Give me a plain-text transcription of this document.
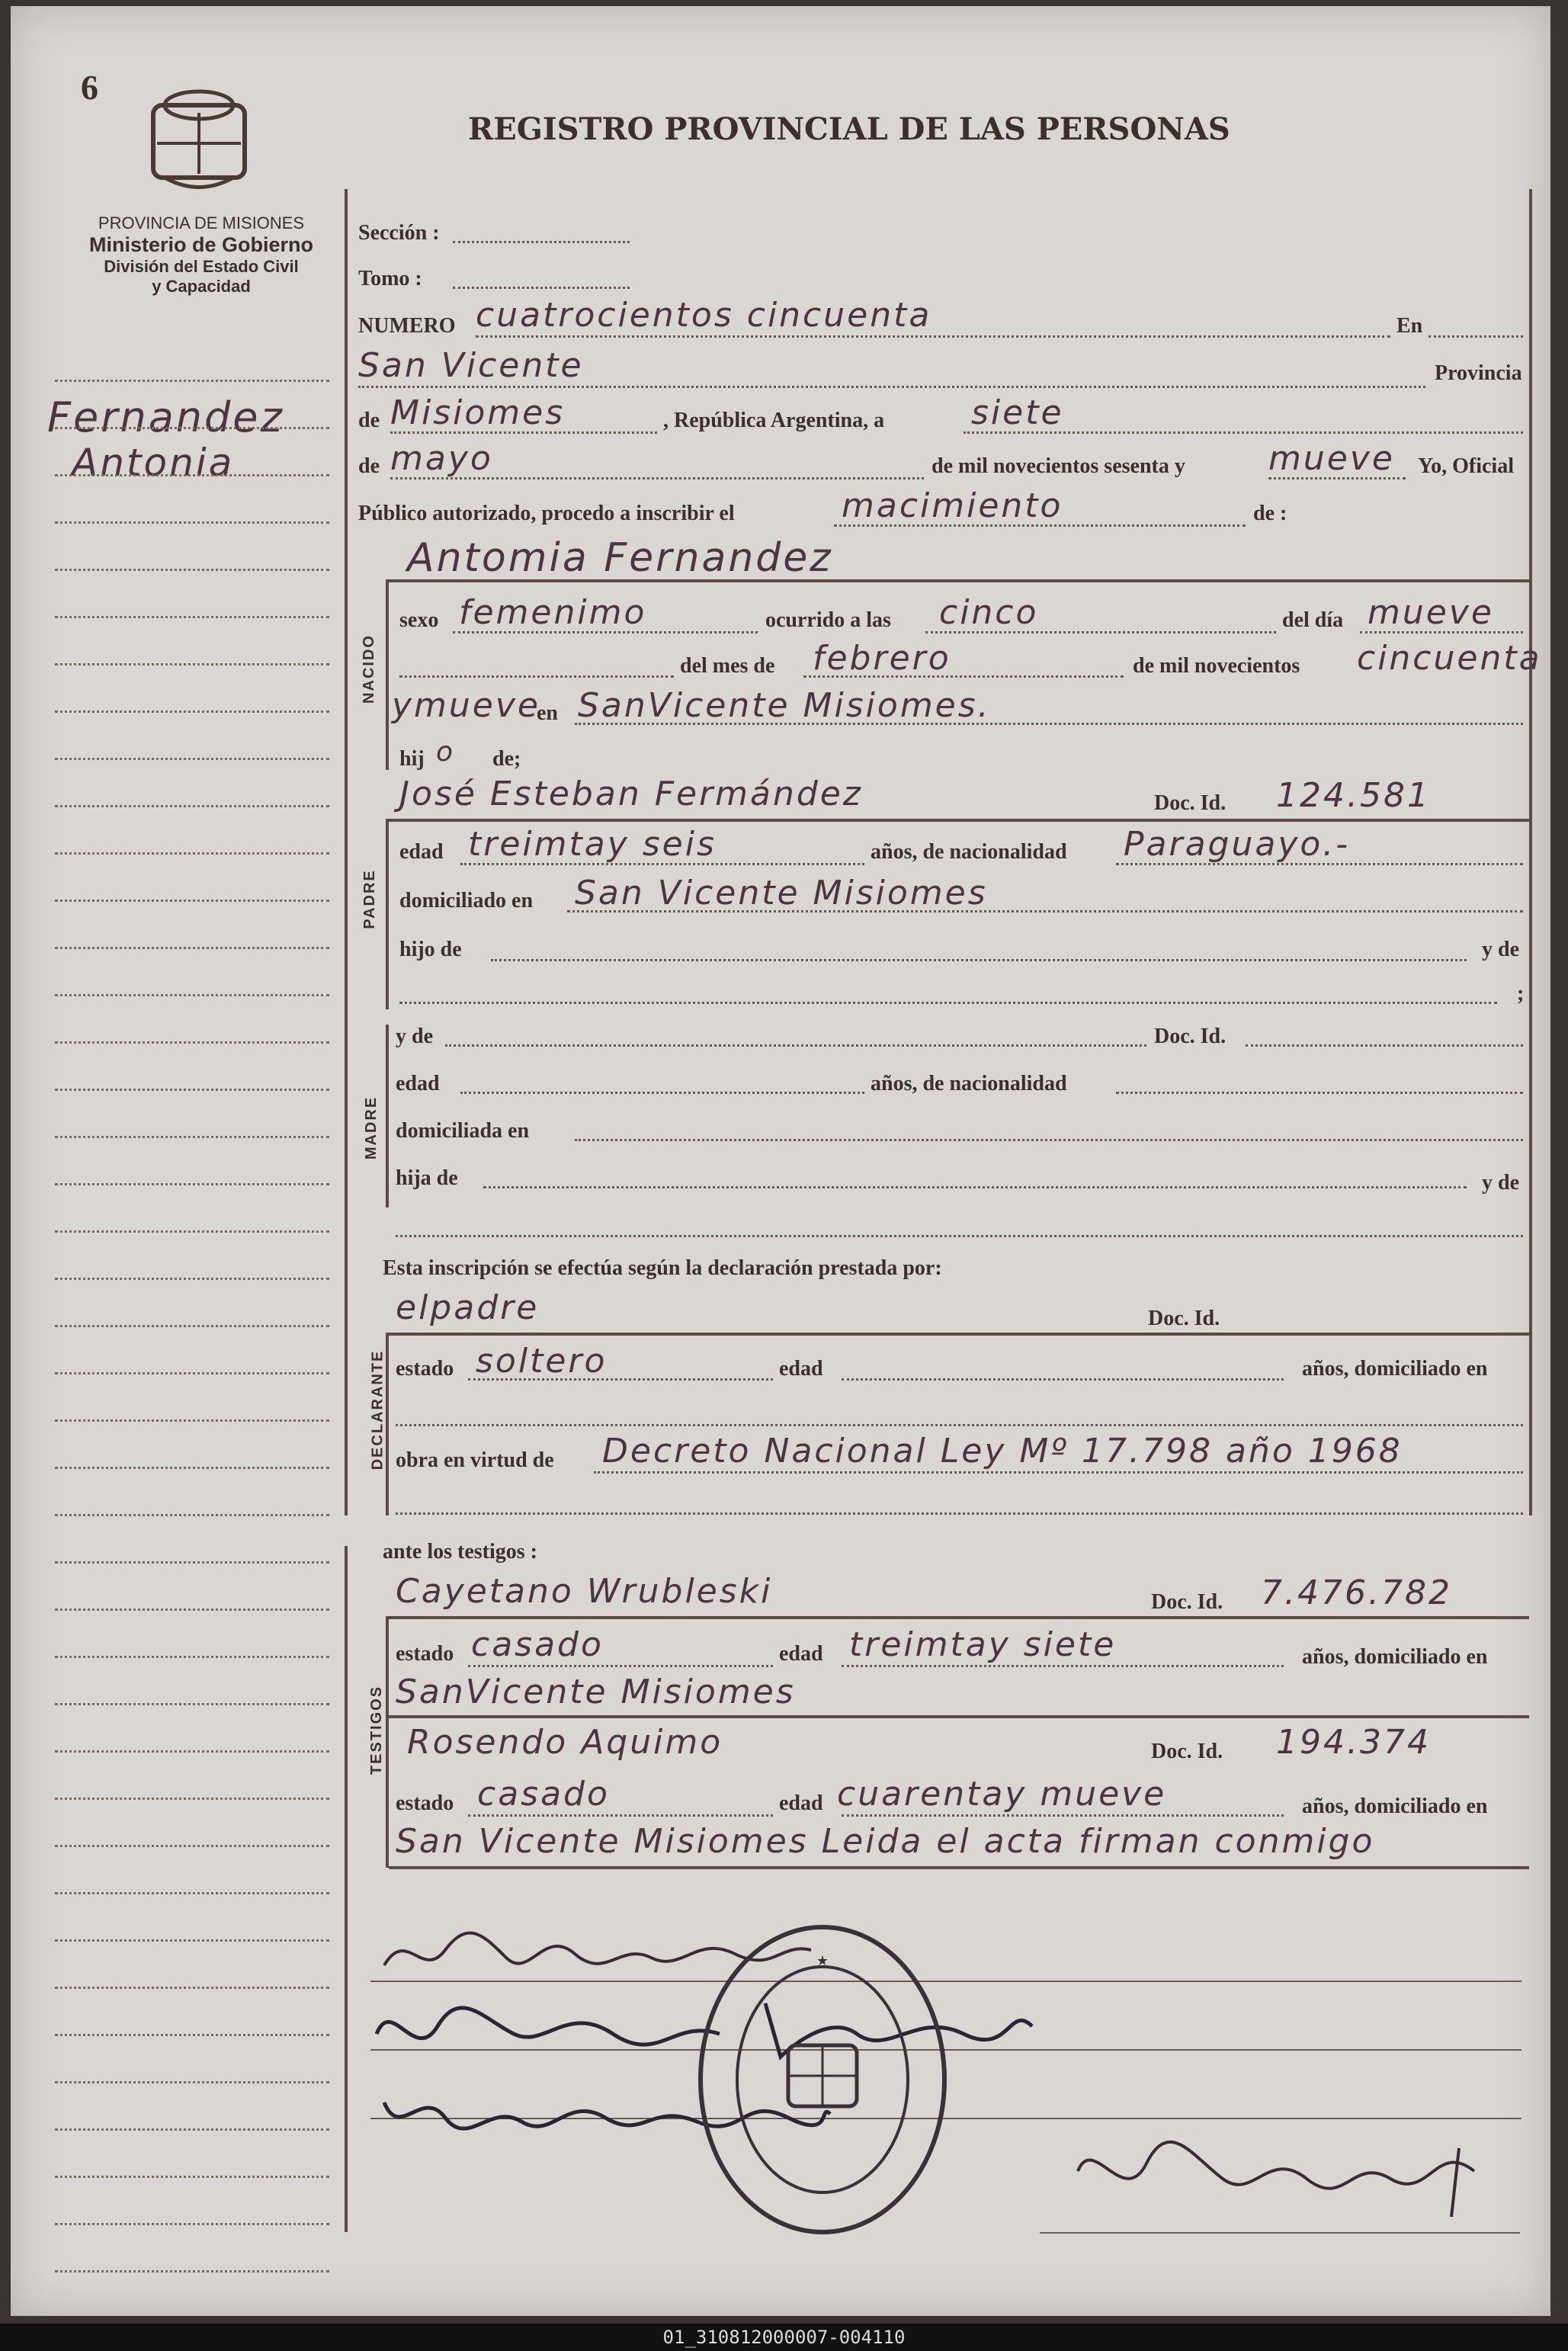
6
REGISTRO PROVINCIAL DE LAS PERSONAS
PROVINCIA DE MISIONES
Ministerio de Gobierno
División del Estado Civil
y Capacidad
Fernandez
Antonia
Sección :
Tomo :
NUMERO cuatrocientos cincuenta	En
San Vicente	Provincia
de Misiomes	, República Argentina, a	siete
de mayo	de mil novecientos sesenta y mueve Yo, Oficial
Público autorizado, procedo a inscribir el	macimiento	de :
Antomia Fernandez
NACIDO
sexo femenimo	ocurrido a las cinco	del día mueve
del mes de febrero	de mil novecientos cincuenta
ymueve
en SanVicente Misiomes.
hij o de;
PADRE
José Esteban Fermández	Doc. Id. 124.581
edad treimtay seis	años, de nacionalidad Paraguayo.-
domiciliado en San Vicente Misiomes
hijo de	y de
;
MADRE
y de	Doc. Id.
edad	años, de nacionalidad
domiciliada en
hija de	y de
Esta inscripción se efectúa según la declaración prestada por:
DECLARANTE
elpadre	Doc. Id.
estado soltero	edad	años, domiciliado en
obra en virtud de Decreto Nacional Ley Mº 17.798 año 1968
ante los testigos :
TESTIGOS
Cayetano Wrubleski	Doc. Id. 7.476.782
estado casado	edad treimtay siete	años, domiciliado en
SanVicente Misiomes
Rosendo Aquimo	Doc. Id. 194.374
estado casado	edad cuarentay mueve	años, domiciliado en
San Vicente Misiomes Leida el acta firman conmigo
★
01_310812000007-004110
